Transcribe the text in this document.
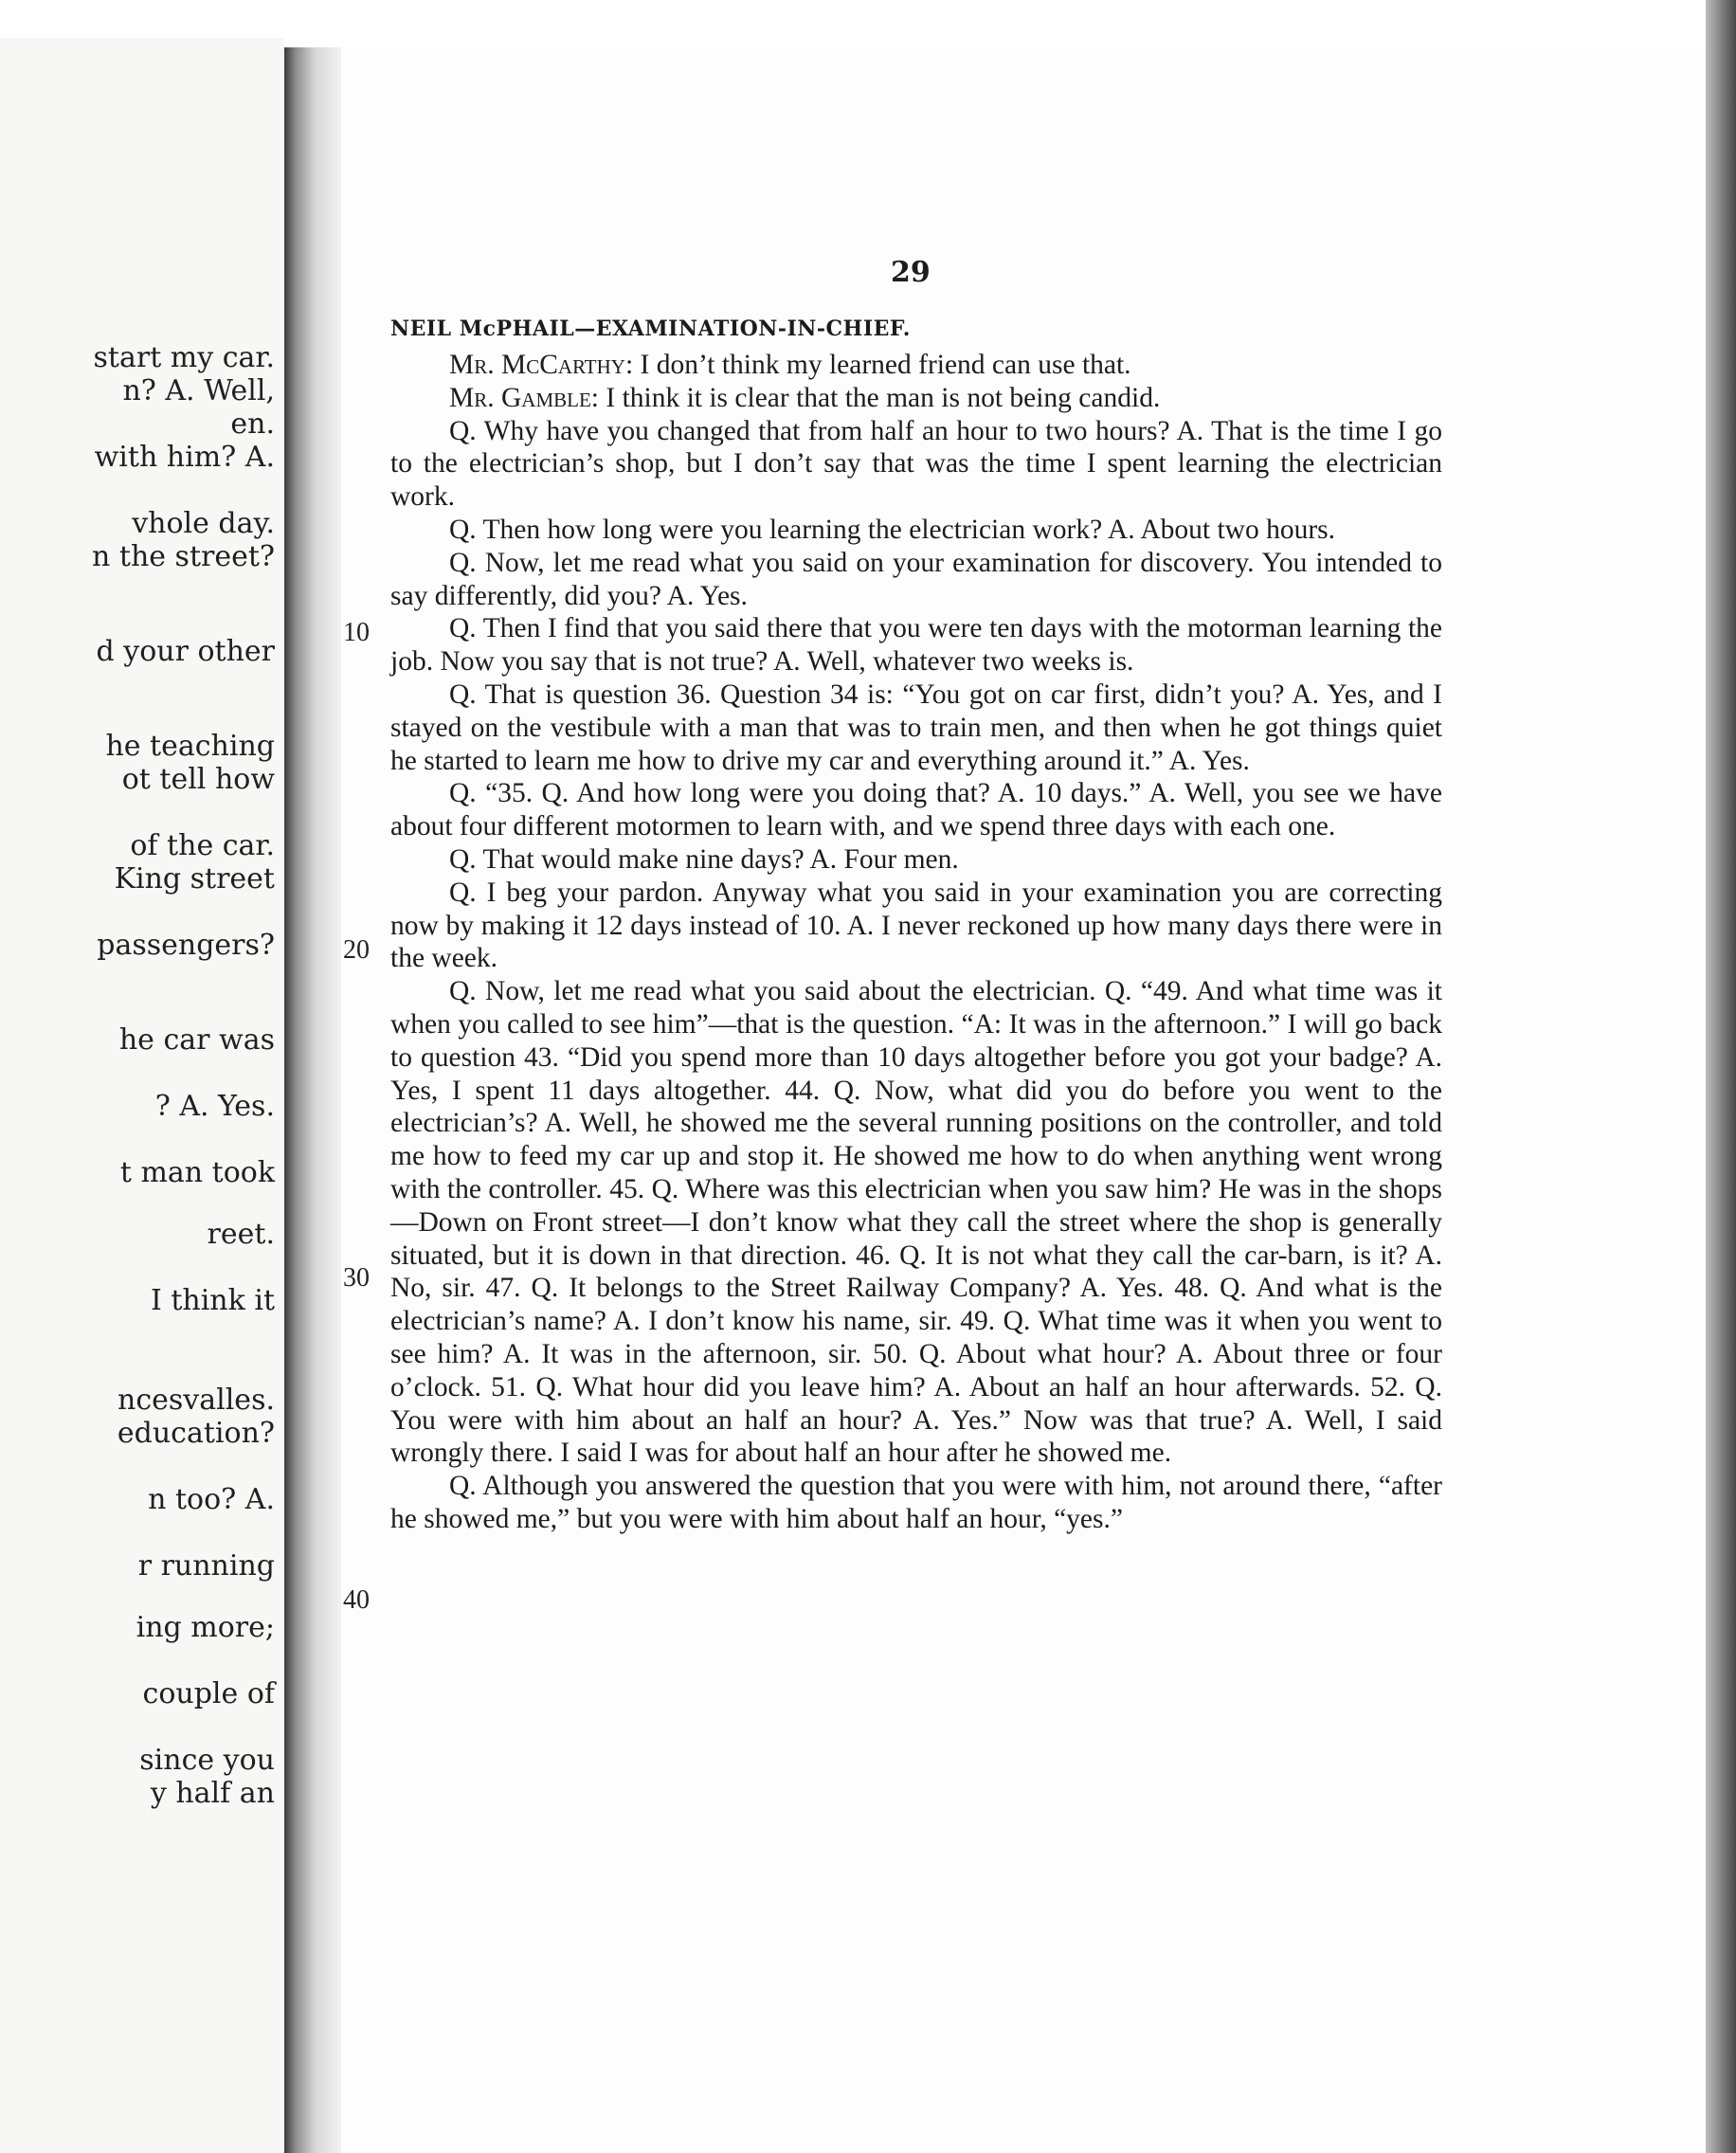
start my car.
n? A. Well,
en.
with him? A.
vhole day.
n the street?
d your other
he teaching
ot tell how
of the car.
King street
passengers?
he car was
? A. Yes.
t man took
reet.
I think it
ncesvalles.
education?
n too? A.
r running
ing more;
couple of
since you
y half an
29
NEIL McPHAIL—EXAMINATION-IN-CHIEF.

Mr. McCarthy: I don’t think my learned friend can use that.

Mr. Gamble: I think it is clear that the man is not being candid.

Q. Why have you changed that from half an hour to two hours? A. That is the time I go to the electrician’s shop, but I don’t say that was the time I spent learning the electrician work.

Q. Then how long were you learning the electrician work? A. About two hours.

Q. Now, let me read what you said on your examination for discovery. You intended to say differently, did you? A. Yes.

Q. Then I find that you said there that you were ten days with the motorman learning the job. Now you say that is not true? A. Well, whatever two weeks is.

Q. That is question 36. Question 34 is: “You got on car first, didn’t you? A. Yes, and I stayed on the vestibule with a man that was to train men, and then when he got things quiet he started to learn me how to drive my car and everything around it.” A. Yes.

Q. “35. Q. And how long were you doing that? A. 10 days.” A. Well, you see we have about four different motormen to learn with, and we spend three days with each one.

Q. That would make nine days? A. Four men.

Q. I beg your pardon. Anyway what you said in your examination you are correcting now by making it 12 days instead of 10. A. I never reckoned up how many days there were in the week.

Q. Now, let me read what you said about the electrician. Q. “49. And what time was it when you called to see him”—that is the question. “A: It was in the afternoon.” I will go back to question 43. “Did you spend more than 10 days altogether before you got your badge? A. Yes, I spent 11 days altogether. 44. Q. Now, what did you do before you went to the electrician’s? A. Well, he showed me the several running positions on the controller, and told me how to feed my car up and stop it. He showed me how to do when anything went wrong with the controller. 45. Q. Where was this electrician when you saw him? He was in the shops—Down on Front street—I don’t know what they call the street where the shop is generally situated, but it is down in that direction. 46. Q. It is not what they call the car-barn, is it? A. No, sir. 47. Q. It belongs to the Street Railway Company? A. Yes. 48. Q. And what is the electrician’s name? A. I don’t know his name, sir. 49. Q. What time was it when you went to see him? A. It was in the afternoon, sir. 50. Q. About what hour? A. About three or four o’clock. 51. Q. What hour did you leave him? A. About an half an hour afterwards. 52. Q. You were with him about an half an hour? A. Yes.” Now was that true? A. Well, I said wrongly there. I said I was for about half an hour after he showed me.

Q. Although you answered the question that you were with him, not around there, “after he showed me,” but you were with him about half an hour, “yes.”

10
20
30
40
